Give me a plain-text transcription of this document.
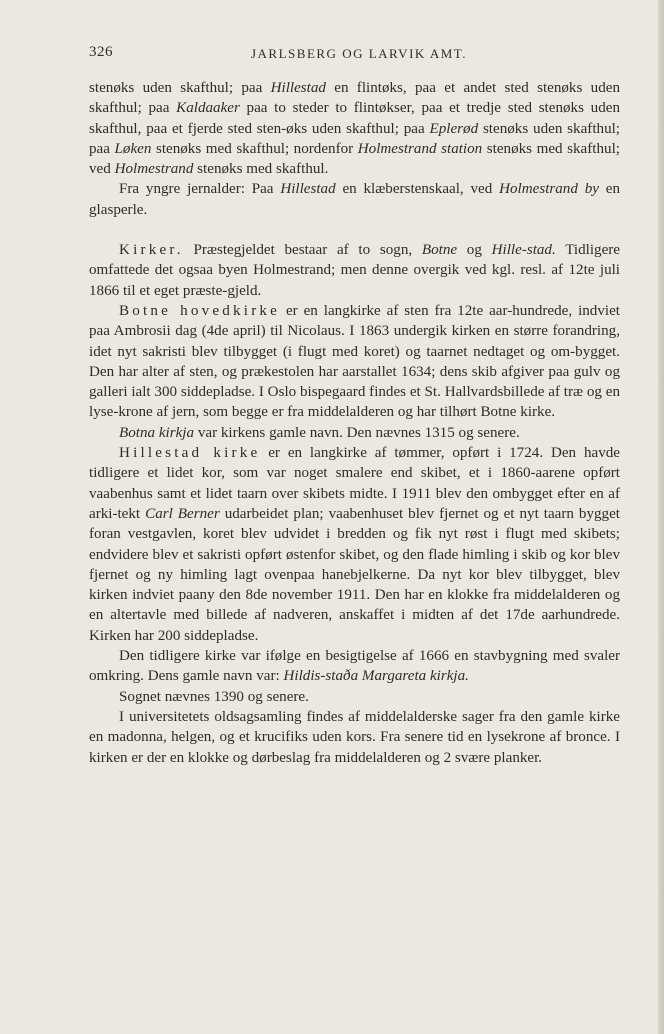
326	JARLSBERG OG LARVIK AMT.

stenøks uden skafthul; paa Hillestad en flintøks, paa et andet sted stenøks uden skafthul; paa Kaldaaker paa to steder to flintøkser, paa et tredje sted stenøks uden skafthul, paa et fjerde sted sten-øks uden skafthul; paa Eplerød stenøks uden skafthul; paa Løken stenøks med skafthul; nordenfor Holmestrand station stenøks med skafthul; ved Holmestrand stenøks med skafthul.

Fra yngre jernalder: Paa Hillestad en klæberstenskaal, ved Holmestrand by en glasperle.

Kirker. Præstegjeldet bestaar af to sogn, Botne og Hille-stad. Tidligere omfattede det ogsaa byen Holmestrand; men denne overgik ved kgl. resl. af 12te juli 1866 til et eget præste-gjeld.

Botne hovedkirke er en langkirke af sten fra 12te aar-hundrede, indviet paa Ambrosii dag (4de april) til Nicolaus. I 1863 undergik kirken en større forandring, idet nyt sakristi blev tilbygget (i flugt med koret) og taarnet nedtaget og om-bygget. Den har alter af sten, og prækestolen har aarstallet 1634; dens skib afgiver paa gulv og galleri ialt 300 siddepladse. I Oslo bispegaard findes et St. Hallvardsbillede af træ og en lyse-krone af jern, som begge er fra middelalderen og har tilhørt Botne kirke.

Botna kirkja var kirkens gamle navn. Den nævnes 1315 og senere.

Hillestad kirke er en langkirke af tømmer, opført i 1724. Den havde tidligere et lidet kor, som var noget smalere end skibet, et i 1860-aarene opført vaabenhus samt et lidet taarn over skibets midte. I 1911 blev den ombygget efter en af arki-tekt Carl Berner udarbeidet plan; vaabenhuset blev fjernet og et nyt taarn bygget foran vestgavlen, koret blev udvidet i bredden og fik nyt røst i flugt med skibets; endvidere blev et sakristi opført østenfor skibet, og den flade himling i skib og kor blev fjernet og ny himling lagt ovenpaa hanebjelkerne. Da nyt kor blev tilbygget, blev kirken indviet paany den 8de november 1911. Den har en klokke fra middelalderen og en altertavle med billede af nadveren, anskaffet i midten af det 17de aarhundrede. Kirken har 200 siddepladse.

Den tidligere kirke var ifølge en besigtigelse af 1666 en stavbygning med svaler omkring. Dens gamle navn var: Hildis-staða Margareta kirkja.

Sognet nævnes 1390 og senere.

I universitetets oldsagsamling findes af middelalderske sager fra den gamle kirke en madonna, helgen, og et krucifiks uden kors. Fra senere tid en lysekrone af bronce. I kirken er der en klokke og dørbeslag fra middelalderen og 2 svære planker.
